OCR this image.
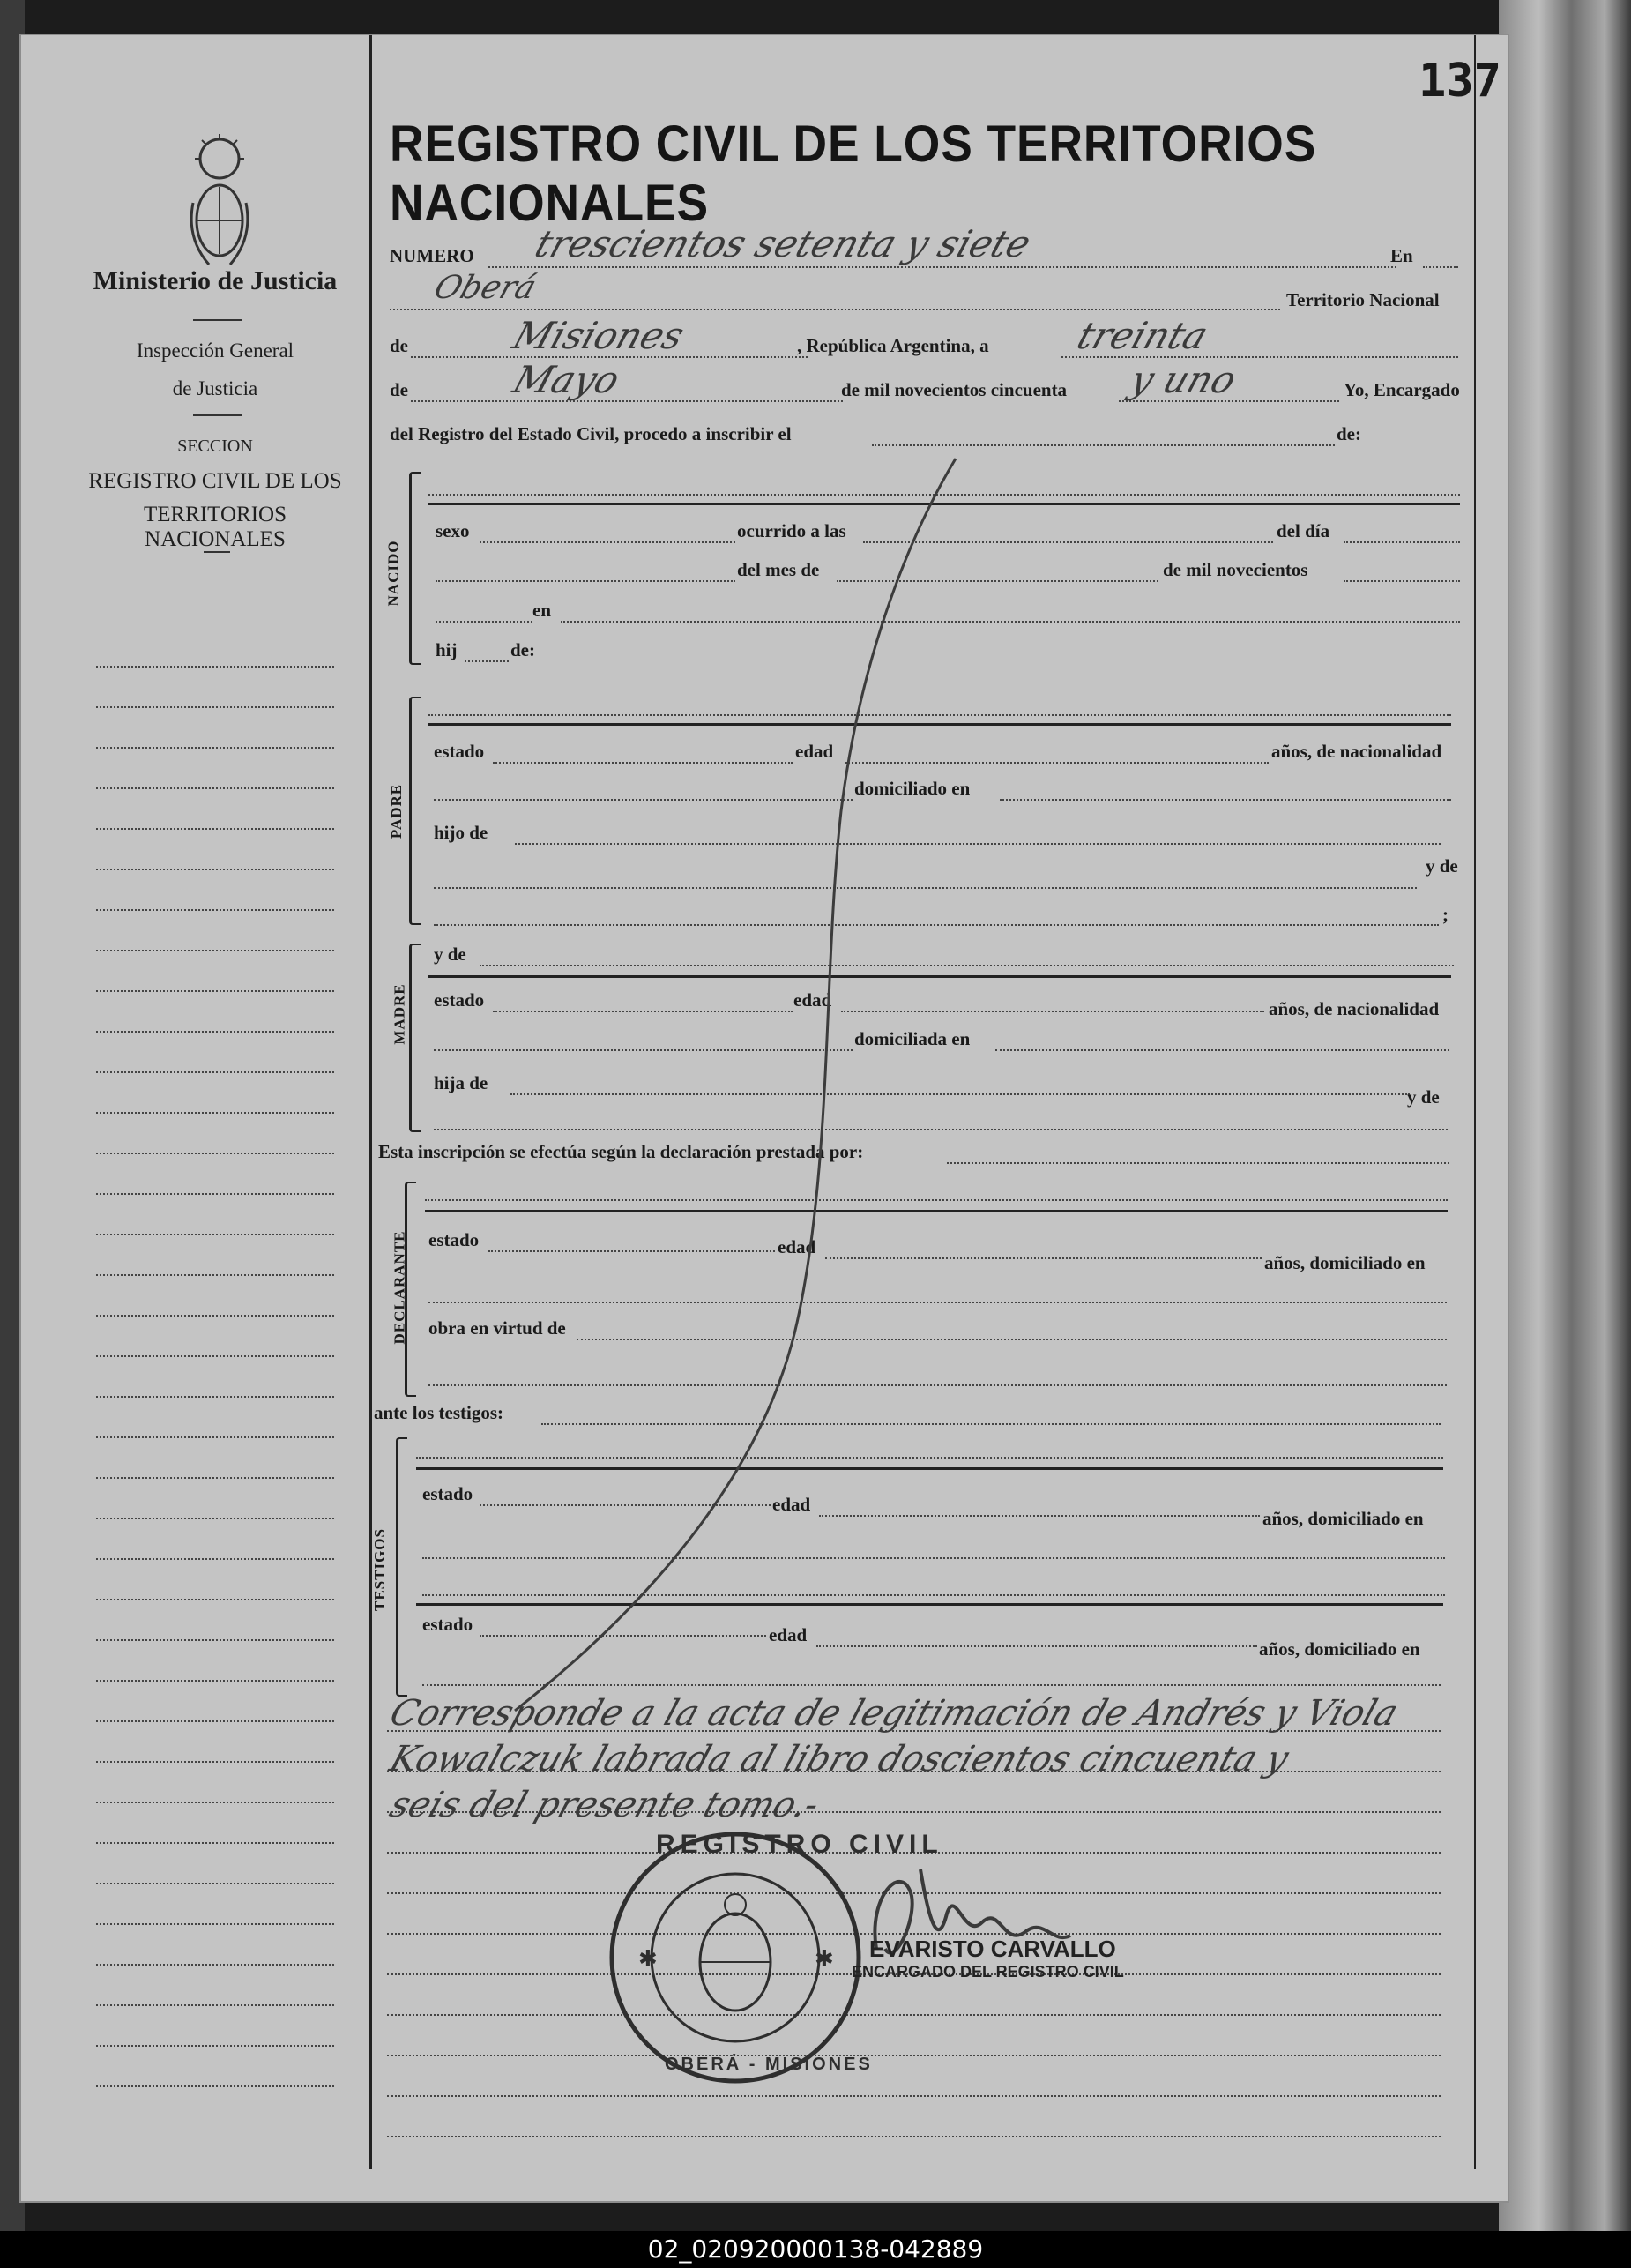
Ministerio de Justicia
Inspección General
de Justicia
SECCION
REGISTRO CIVIL DE LOS
TERRITORIOS NACIONALES
137
REGISTRO CIVIL DE LOS TERRITORIOS NACIONALES
NUMERO trescientos setenta y siete	En
Oberá	Territorio Nacional
de	Misiones	, República Argentina, a treinta
de	Mayo	de mil novecientos cincuenta y uno	Yo, Encargado
del Registro del Estado Civil, procedo a inscribir el	de:
NACIDO
sexo	ocurrido a las	del día
del mes de	de mil novecientos
en
hij	de:
PADRE
estado	edad	años, de nacionalidad
domiciliado en
hijo de
y de
;
MADRE
y de
estado	edad	años, de nacionalidad
domiciliada en
hija de
y de
Esta inscripción se efectúa según la declaración prestada por:
DECLARANTE estado	edad
años, domiciliado en
obra en virtud de
ante los testigos:
TESTIGOS
estado	edad
años, domiciliado en
estado	edad
años, domiciliado en
Corresponde a la acta de legitimación de Andrés y Viola
Kowalczuk labrada al libro doscientos cincuenta y
seis del presente tomo.-
✱	✱
REGISTRO CIVIL
OBERÁ - MISIONES
EVARISTO CARVALLO
ENCARGADO DEL REGISTRO CIVIL
02_020920000138-042889
